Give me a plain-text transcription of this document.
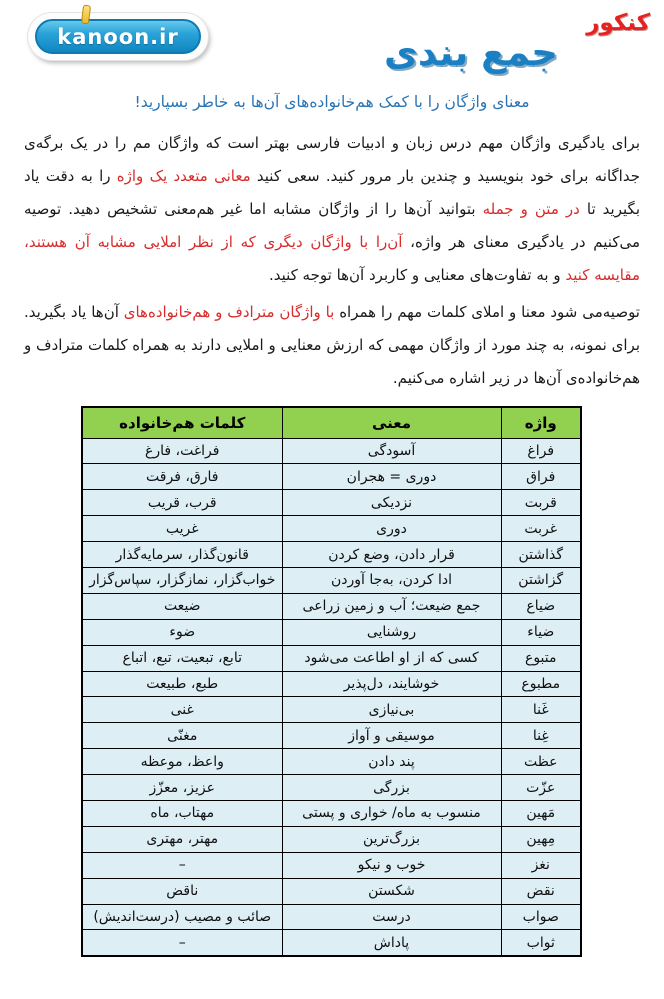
kanoon.ir
کنکور
جمع بندی
معنای واژگان را با کمک هم‌خانواده‌های آن‌ها به خاطر بسپارید!

برای یادگیری واژگان مهم درس زبان و ادبیات فارسی بهتر است که واژگان مم را در یک برگه‌ی جداگانه برای خود بنویسید و چندین بار مرور کنید. سعی کنید معانی متعدد یک واژه را به دقت یاد بگیرید تا در متن و جمله بتوانید آن‌ها را از واژگان مشابه اما غیر هم‌معنی تشخیص دهید. توصیه می‌کنیم در یادگیری معنای هر واژه، آن‌را با واژگان دیگری که از نظر املایی مشابه آن هستند، مقایسه کنید و به تفاوت‌های معنایی و کاربرد آن‌ها توجه کنید.

توصیه‌می شود معنا و املای کلمات مهم را همراه با واژگان مترادف و هم‌خانواده‌های آن‌ها یاد بگیرید. برای نمونه، به چند مورد از واژگان مهمی که ارزش معنایی و املایی دارند به همراه کلمات مترادف و هم‌خانواده‌ی آن‌ها در زیر اشاره می‌کنیم.

واژه	معنی	کلمات هم‌خانواده
فراغ	آسودگی	فراغت، فارغ
فراق	دوری = هجران	فارق، فرقت
قربت	نزدیکی	قرب، قریب
غربت	دوری	غریب
گذاشتن	قرار دادن، وضع کردن	قانون‌گذار، سرمایه‌گذار
گزاشتن	ادا کردن، به‌جا آوردن	خواب‌گزار، نمازگزار، سپاس‌گزار
ضیاع	جمع ضیعت؛ آب و زمین زراعی	ضیعت
ضیاء	روشنایی	ضوء
متبوع	کسی که از او اطاعت می‌شود	تابع، تبعیت، تبع، اتباع
مطبوع	خوشایند، دل‌پذیر	طبع، طبیعت
غَنا	بی‌نیازی	غنی
غِنا	موسیقی و آواز	مغنّی
عظت	پند دادن	واعظ، موعظه
عزّت	بزرگی	عزیز، معزّز
مَهین	منسوب به ماه/ خواری و پستی	مهتاب، ماه
مِهین	بزرگ‌ترین	مهتر، مهتری
نغز	خوب و نیکو	–
نقض	شکستن	ناقض
صواب	درست	صائب و مصیب (درست‌اندیش)
ثواب	پاداش	–
